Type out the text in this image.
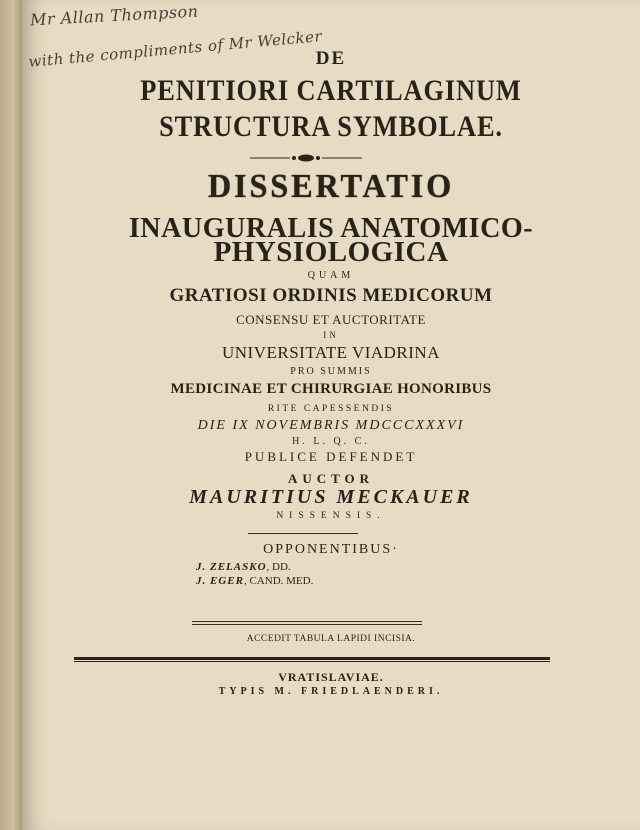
Mr Allan Thompson
with the compliments of Mr Welcker
DE
PENITIORI CARTILAGINUM
STRUCTURA SYMBOLAE.
DISSERTATIO
INAUGURALIS ANATOMICO-
PHYSIOLOGICA
QUAM
GRATIOSI ORDINIS MEDICORUM
CONSENSU ET AUCTORITATE
IN
UNIVERSITATE VIADRINA
PRO SUMMIS
MEDICINAE ET CHIRURGIAE HONORIBUS
RITE CAPESSENDIS
DIE IX NOVEMBRIS MDCCCXXXVI
H. L. Q. C.
PUBLICE DEFENDET
AUCTOR
MAURITIUS MECKAUER
NISSENSIS.
OPPONENTIBUS·
J. ZELASKO, DD.
J. EGER, CAND. MED.
ACCEDIT TABULA LAPIDI INCISIA.
VRATISLAVIAE.
TYPIS M. FRIEDLAENDERI.
